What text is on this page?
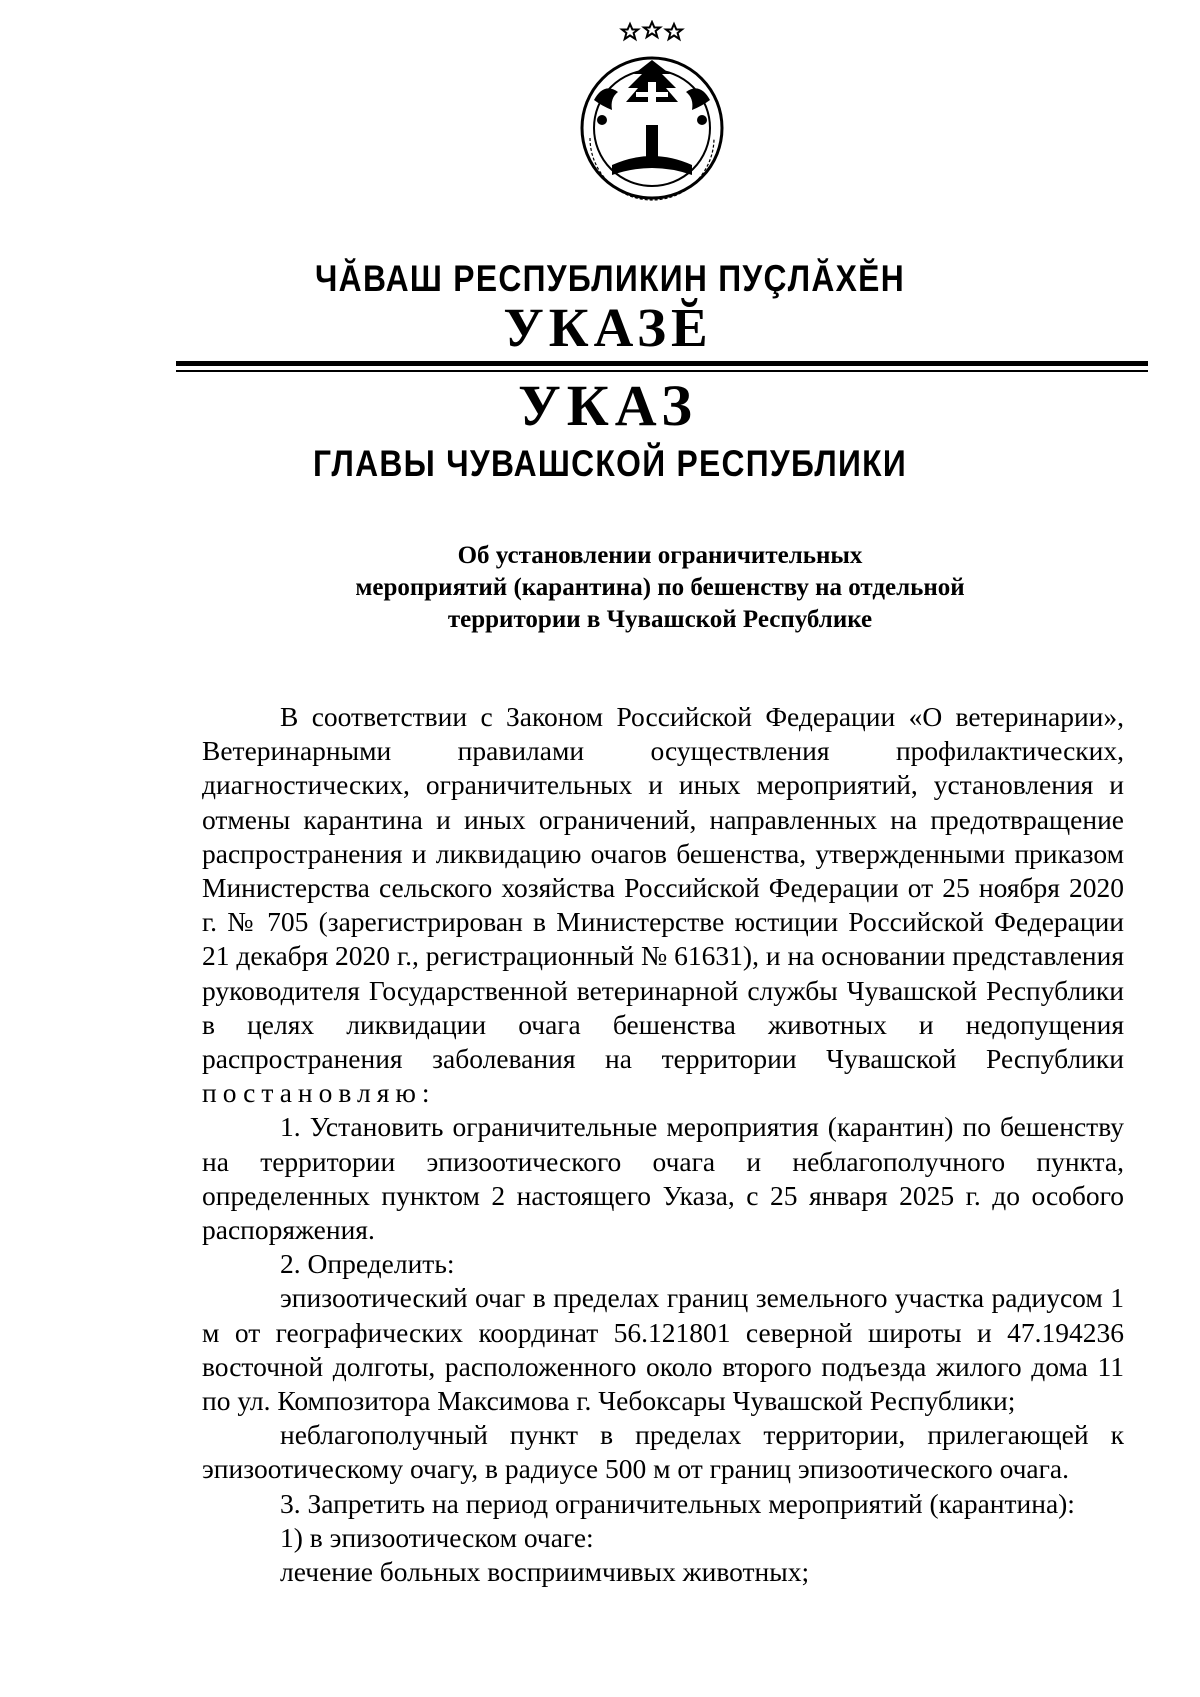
ЧĂВАШ РЕСПУБЛИКИН ПУÇЛĂХĔН
УКАЗĔ
УКАЗ
ГЛАВЫ ЧУВАШСКОЙ РЕСПУБЛИКИ
Об установлении ограничительных
мероприятий (карантина) по бешенству на отдельной
территории в Чувашской Республике

В соответствии с Законом Российской Федерации «О ветеринарии», Ветеринарными правилами осуществления профилактических, диагностических, ограничительных и иных мероприятий, установления и отмены карантина и иных ограничений, направленных на предотвращение распространения и ликвидацию очагов бешенства, утвержденными приказом Министерства сельского хозяйства Российской Федерации от 25 ноября 2020 г. № 705 (зарегистрирован в Министерстве юстиции Российской Федерации 21 декабря 2020 г., регистрационный № 61631), и на основании представления руководителя Государственной ветеринарной службы Чувашской Республики в целях ликвидации очага бешенства животных и недопущения распространения заболевания на территории Чувашской Республики постановляю:

1. Установить ограничительные мероприятия (карантин) по бешенству на территории эпизоотического очага и неблагополучного пункта, определенных пунктом 2 настоящего Указа, с 25 января 2025 г. до особого распоряжения.

2. Определить:

эпизоотический очаг в пределах границ земельного участка радиусом 1 м от географических координат 56.121801 северной широты и 47.194236 восточной долготы, расположенного около второго подъезда жилого дома 11 по ул. Композитора Максимова г. Чебоксары Чувашской Республики;

неблагополучный пункт в пределах территории, прилегающей к эпизоотическому очагу, в радиусе 500 м от границ эпизоотического очага.

3. Запретить на период ограничительных мероприятий (карантина):

1) в эпизоотическом очаге:

лечение больных восприимчивых животных;
